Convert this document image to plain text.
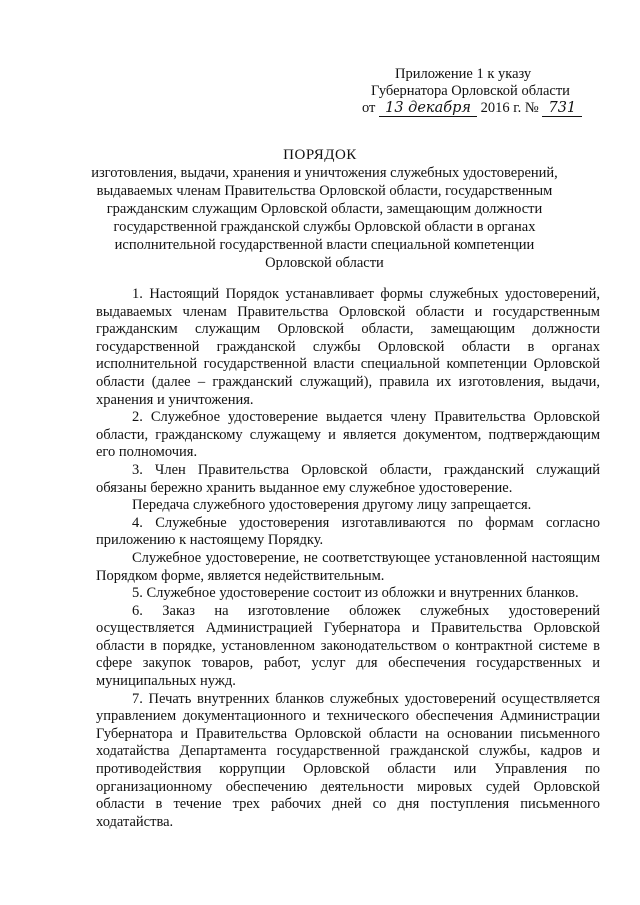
Приложение 1 к указу
Губернатора Орловской области
от 13 декабря 2016 г. № 731
ПОРЯДОК
изготовления, выдачи, хранения и уничтожения служебных удостоверений, выдаваемых членам Правительства Орловской области, государственным гражданским служащим Орловской области, замещающим должности государственной гражданской службы Орловской области в органах исполнительной государственной власти специальной компетенции Орловской области

1. Настоящий Порядок устанавливает формы служебных удостоверений, выдаваемых членам Правительства Орловской области и государственным гражданским служащим Орловской области, замещающим должности государственной гражданской службы Орловской области в органах исполнительной государственной власти специальной компетенции Орловской области (далее – гражданский служащий), правила их изготовления, выдачи, хранения и уничтожения.

2. Служебное удостоверение выдается члену Правительства Орловской области, гражданскому служащему и является документом, подтверждающим его полномочия.

3. Член Правительства Орловской области, гражданский служащий обязаны бережно хранить выданное ему служебное удостоверение.

Передача служебного удостоверения другому лицу запрещается.

4. Служебные удостоверения изготавливаются по формам согласно приложению к настоящему Порядку.

Служебное удостоверение, не соответствующее установленной настоящим Порядком форме, является недействительным.

5. Служебное удостоверение состоит из обложки и внутренних бланков.

6. Заказ на изготовление обложек служебных удостоверений осуществляется Администрацией Губернатора и Правительства Орловской области в порядке, установленном законодательством о контрактной системе в сфере закупок товаров, работ, услуг для обеспечения государственных и муниципальных нужд.

7. Печать внутренних бланков служебных удостоверений осуществляется управлением документационного и технического обеспечения Администрации Губернатора и Правительства Орловской области на основании письменного ходатайства Департамента государственной гражданской службы, кадров и противодействия коррупции Орловской области или Управления по организационному обеспечению деятельности мировых судей Орловской области в течение трех рабочих дней со дня поступления письменного ходатайства.
